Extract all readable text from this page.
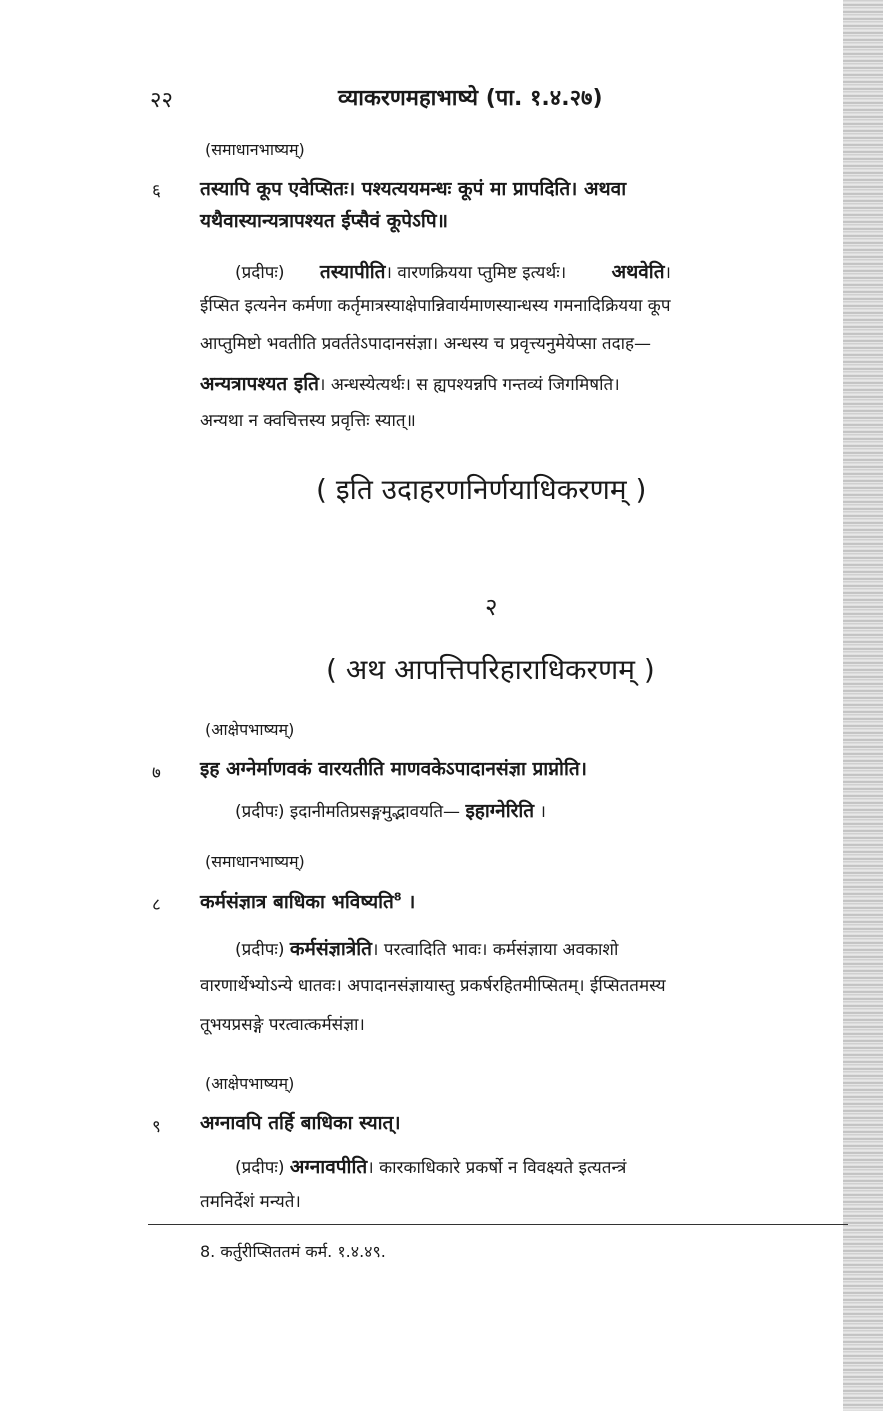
२२	व्याकरणमहाभाष्ये (पा. १.४.२७)
(समाधानभाष्यम्)
६ तस्यापि कूप एवेप्सितः। पश्यत्ययमन्धः कूपं मा प्रापदिति। अथवा
यथैवास्यान्यत्रापश्यत ईप्सैवं कूपेऽपि॥
(प्रदीपः) तस्यापीति। वारणक्रियया प्तुमिष्ट इत्यर्थः। अथवेति।
ईप्सित इत्यनेन कर्मणा कर्तृमात्रस्याक्षेपान्निवार्यमाणस्यान्धस्य गमनादिक्रियया कूप
आप्तुमिष्टो भवतीति प्रवर्ततेऽपादानसंज्ञा। अन्धस्य च प्रवृत्त्यनुमेयेप्सा तदाह—
अन्यत्रापश्यत इति। अन्धस्येत्यर्थः। स ह्यपश्यन्नपि गन्तव्यं जिगमिषति।
अन्यथा न क्वचित्तस्य प्रवृत्तिः स्यात्॥
( इति उदाहरणनिर्णयाधिकरणम् )
२
( अथ आपत्तिपरिहाराधिकरणम् )
(आक्षेपभाष्यम्)
७ इह अग्नेर्माणवकं वारयतीति माणवकेऽपादानसंज्ञा प्राप्नोति।
(प्रदीपः) इदानीमतिप्रसङ्गमुद्भावयति— इहाग्नेरिति ।
(समाधानभाष्यम्)
८ कर्मसंज्ञात्र बाधिका भविष्यति$^8$ ।
(प्रदीपः) कर्मसंज्ञात्रेति। परत्वादिति भावः। कर्मसंज्ञाया अवकाशो
वारणार्थेभ्योऽन्ये धातवः। अपादानसंज्ञायास्तु प्रकर्षरहितमीप्सितम्। ईप्सिततमस्य
तूभयप्रसङ्गे परत्वात्कर्मसंज्ञा।
(आक्षेपभाष्यम्)
९ अग्नावपि तर्हि बाधिका स्यात्।
(प्रदीपः) अग्नावपीति। कारकाधिकारे प्रकर्षो न विवक्ष्यते इत्यतन्त्रं
तमनिर्देशं मन्यते।
8. कर्तुरीप्सिततमं कर्म. १.४.४९.
